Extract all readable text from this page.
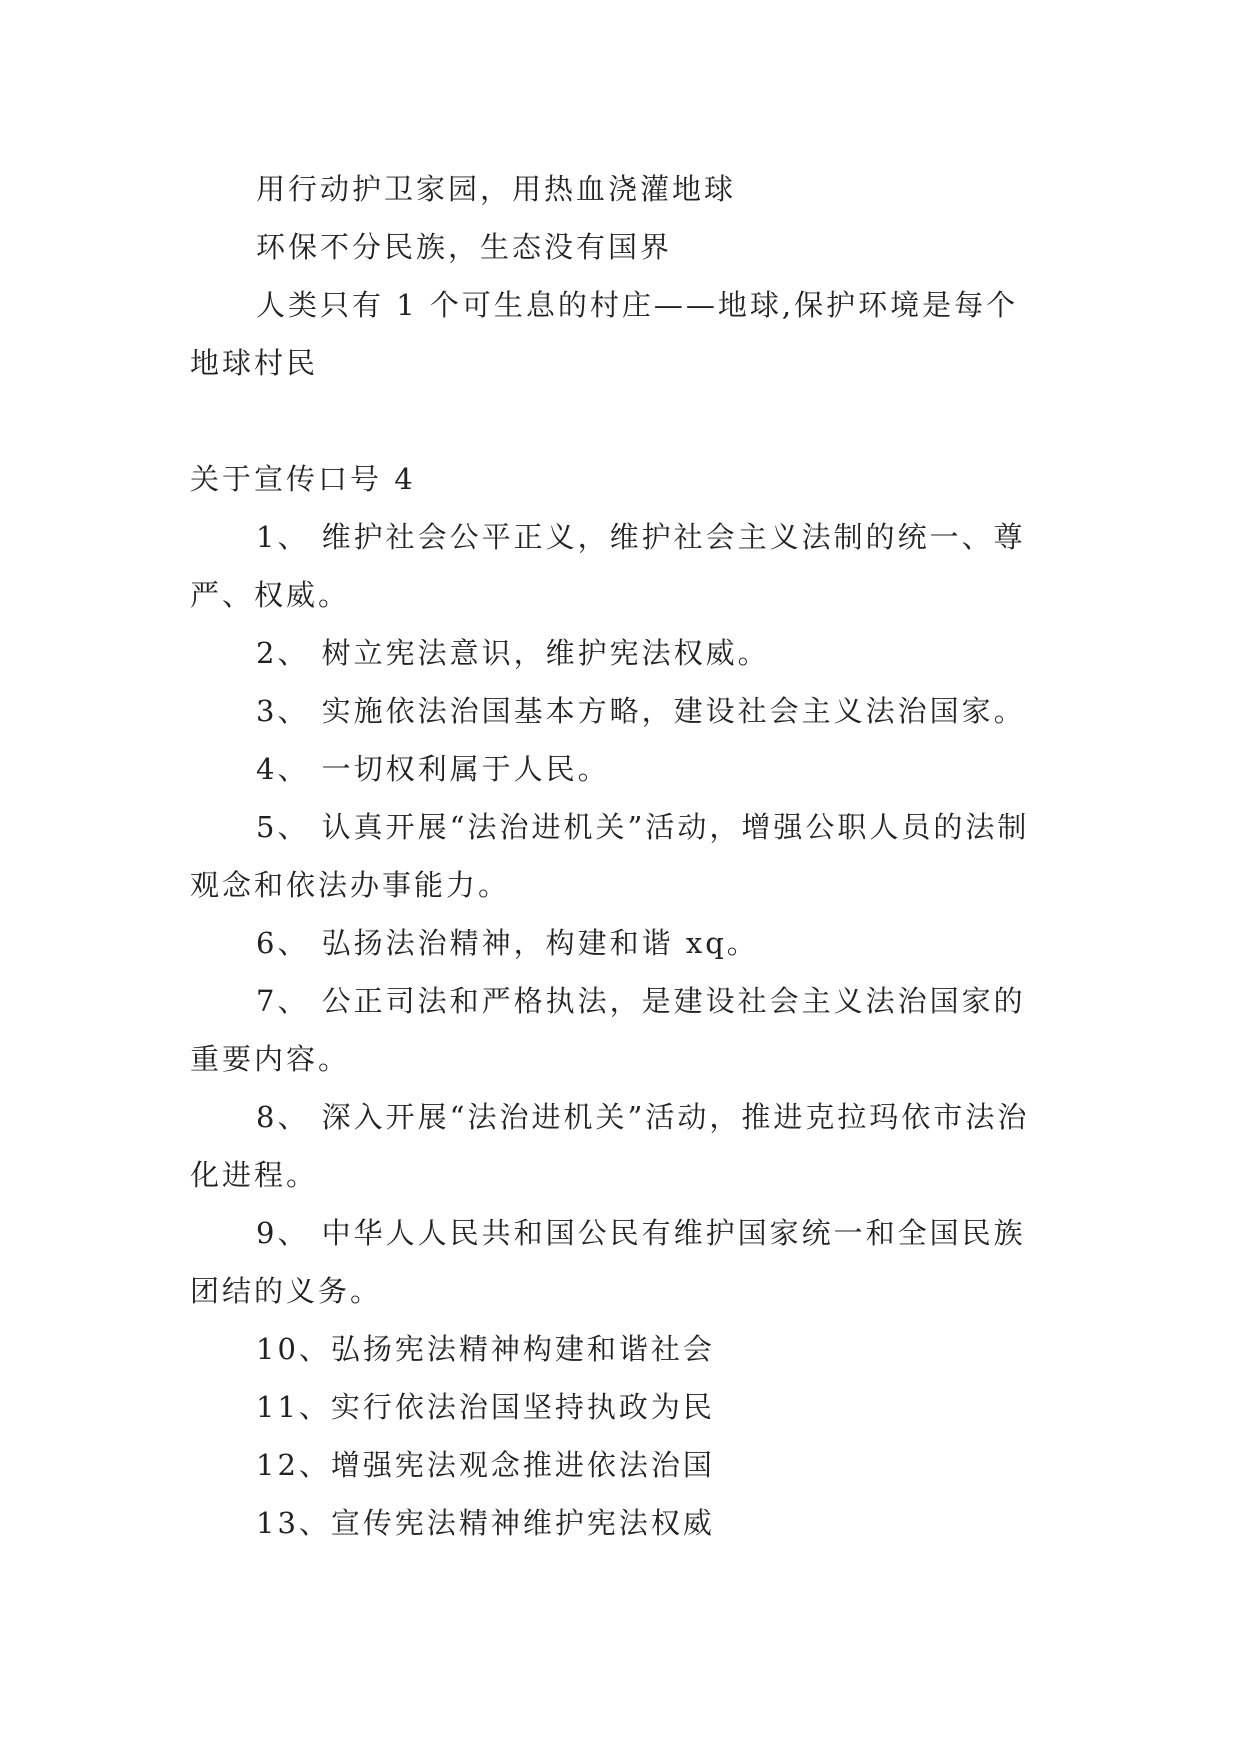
用行动护卫家园，用热血浇灌地球

环保不分民族，生态没有国界

人类只有 1 个可生息的村庄——地球,保护环境是每个地球村民

关于宣传口号 4

1、 维护社会公平正义，维护社会主义法制的统一、尊严、权威。

2、 树立宪法意识，维护宪法权威。

3、 实施依法治国基本方略，建设社会主义法治国家。

4、 一切权利属于人民。

5、 认真开展“法治进机关”活动，增强公职人员的法制观念和依法办事能力。

6、 弘扬法治精神，构建和谐 xq。

7、 公正司法和严格执法，是建设社会主义法治国家的重要内容。

8、 深入开展“法治进机关”活动，推进克拉玛依市法治化进程。

9、 中华人人民共和国公民有维护国家统一和全国民族团结的义务。

10、弘扬宪法精神构建和谐社会

11、实行依法治国坚持执政为民

12、增强宪法观念推进依法治国

13、宣传宪法精神维护宪法权威
